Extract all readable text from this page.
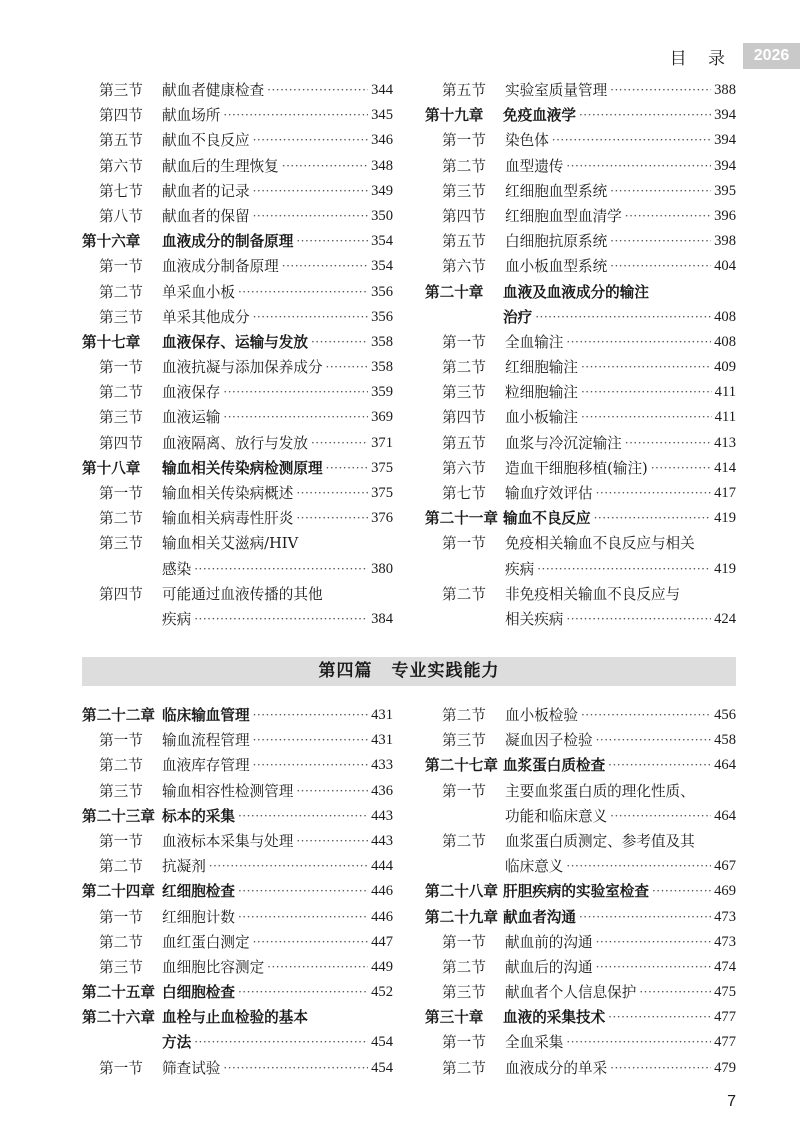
目 录	2026
第三节 献血者健康检查 ·····	344
第四节 献血场所 ·····	345
第五节 献血不良反应 ·····	346
第六节 献血后的生理恢复 ·····	348
第七节 献血者的记录 ·····	349
第八节 献血者的保留 ·····	350
第十六章 血液成分的制备原理 ·····	354
第一节 血液成分制备原理 ·····	354
第二节 单采血小板 ·····	356
第三节 单采其他成分 ·····	356
第十七章 血液保存、运输与发放 ·····	358
第一节 血液抗凝与添加保养成分 ·····	358
第二节 血液保存 ·····	359
第三节 血液运输 ·····	369
第四节 血液隔离、放行与发放 ·····	371
第十八章 输血相关传染病检测原理 ·····	375
第一节 输血相关传染病概述 ·····	375
第二节 输血相关病毒性肝炎 ·····	376
第三节 输血相关艾滋病/HIV
感染 ·····	380
第四节 可能通过血液传播的其他
疾病 ·····	384
第五节 实验室质量管理 ·····	388
第十九章 免疫血液学 ·····	394
第一节 染色体 ·····	394
第二节 血型遗传 ·····	394
第三节 红细胞血型系统 ·····	395
第四节 红细胞血型血清学 ·····	396
第五节 白细胞抗原系统 ·····	398
第六节 血小板血型系统 ·····	404
第二十章 血液及血液成分的输注
治疗 ·····	408
第一节 全血输注 ·····	408
第二节 红细胞输注 ·····	409
第三节 粒细胞输注 ·····	411
第四节 血小板输注 ·····	411
第五节 血浆与冷沉淀输注 ·····	413
第六节 造血干细胞移植(输注) ·····	414
第七节 输血疗效评估 ·····	417
第二十一章 输血不良反应 ·····	419
第一节 免疫相关输血不良反应与相关
疾病 ·····	419
第二节 非免疫相关输血不良反应与
相关疾病 ·····	424
第四篇 专业实践能力
第二十二章 临床输血管理 ·····	431
第一节 输血流程管理 ·····	431
第二节 血液库存管理 ·····	433
第三节 输血相容性检测管理 ·····	436
第二十三章 标本的采集 ·····	443
第一节 血液标本采集与处理 ·····	443
第二节 抗凝剂 ·····	444
第二十四章 红细胞检查 ·····	446
第一节 红细胞计数 ·····	446
第二节 血红蛋白测定 ·····	447
第三节 血细胞比容测定 ·····	449
第二十五章 白细胞检查 ·····	452
第二十六章 血栓与止血检验的基本
方法 ·····	454
第一节 筛查试验 ·····	454
第二节 血小板检验 ·····	456
第三节 凝血因子检验 ·····	458
第二十七章 血浆蛋白质检查 ·····	464
第一节 主要血浆蛋白质的理化性质、
功能和临床意义 ·····	464
第二节 血浆蛋白质测定、参考值及其
临床意义 ·····	467
第二十八章 肝胆疾病的实验室检查 ·····	469
第二十九章 献血者沟通 ·····	473
第一节 献血前的沟通 ·····	473
第二节 献血后的沟通 ·····	474
第三节 献血者个人信息保护 ·····	475
第三十章 血液的采集技术 ·····	477
第一节 全血采集 ·····	477
第二节 血液成分的单采 ·····	479
7
